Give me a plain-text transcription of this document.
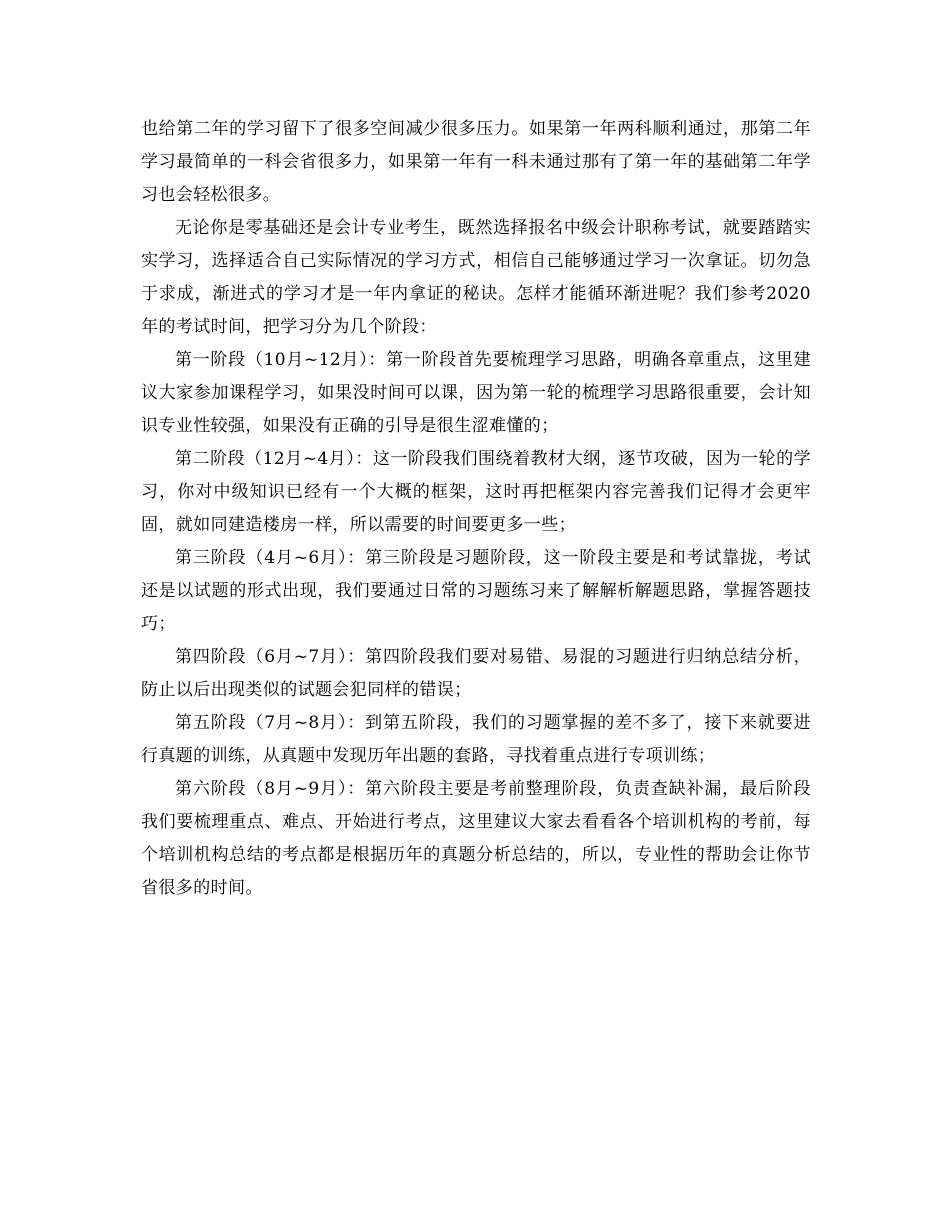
也给第二年的学习留下了很多空间减少很多压力。如果第一年两科顺利通过，那第二年学习最简单的一科会省很多力，如果第一年有一科未通过那有了第一年的基础第二年学习也会轻松很多。

无论你是零基础还是会计专业考生，既然选择报名中级会计职称考试，就要踏踏实实学习，选择适合自己实际情况的学习方式，相信自己能够通过学习一次拿证。切勿急于求成，渐进式的学习才是一年内拿证的秘诀。怎样才能循环渐进呢？我们参考2020年的考试时间，把学习分为几个阶段：

第一阶段（10月~12月）：第一阶段首先要梳理学习思路，明确各章重点，这里建议大家参加课程学习，如果没时间可以课，因为第一轮的梳理学习思路很重要，会计知识专业性较强，如果没有正确的引导是很生涩难懂的；

第二阶段（12月~4月）：这一阶段我们围绕着教材大纲，逐节攻破，因为一轮的学习，你对中级知识已经有一个大概的框架，这时再把框架内容完善我们记得才会更牢固，就如同建造楼房一样，所以需要的时间要更多一些；

第三阶段（4月~6月）：第三阶段是习题阶段，这一阶段主要是和考试靠拢，考试还是以试题的形式出现，我们要通过日常的习题练习来了解解析解题思路，掌握答题技巧；

第四阶段（6月~7月）：第四阶段我们要对易错、易混的习题进行归纳总结分析，防止以后出现类似的试题会犯同样的错误；

第五阶段（7月~8月）：到第五阶段，我们的习题掌握的差不多了，接下来就要进行真题的训练，从真题中发现历年出题的套路，寻找着重点进行专项训练；

第六阶段（8月~9月）：第六阶段主要是考前整理阶段，负责查缺补漏，最后阶段我们要梳理重点、难点、开始进行考点，这里建议大家去看看各个培训机构的考前，每个培训机构总结的考点都是根据历年的真题分析总结的，所以，专业性的帮助会让你节省很多的时间。
